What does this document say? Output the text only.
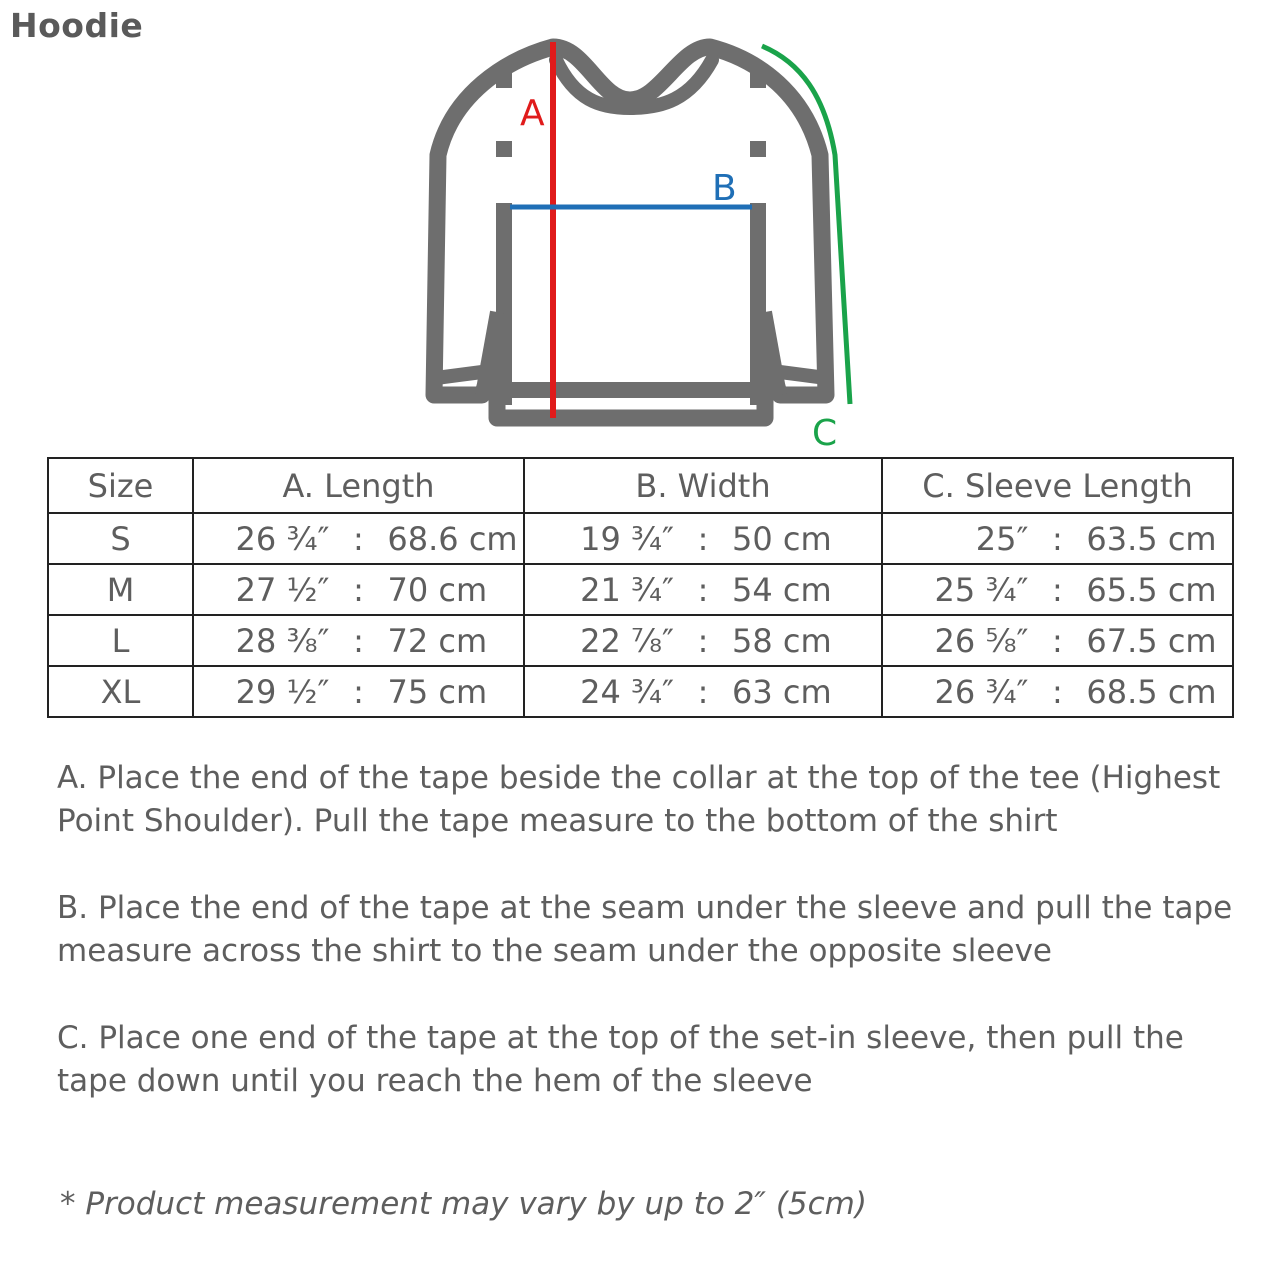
Hoodie
A
B
C
Size	A. Length	B. Width	C. Sleeve Length
S	26 ¾″ : 68.6 cm	19 ¾″ : 50 cm	25″ : 63.5 cm

M	27 ½″ : 70 cm	21 ¾″ : 54 cm	25 ¾″ : 65.5 cm

L	28 ⅜″ : 72 cm	22 ⅞″ : 58 cm	26 ⅝″ : 67.5 cm

XL	29 ½″ : 75 cm	24 ¾″ : 63 cm	26 ¾″ : 68.5 cm

A. Place the end of the tape beside the collar at the top of the tee (Highest Point Shoulder). Pull the tape measure to the bottom of the shirt

B. Place the end of the tape at the seam under the sleeve and pull the tape measure across the shirt to the seam under the opposite sleeve

C. Place one end of the tape at the top of the set-in sleeve, then pull the tape down until you reach the hem of the sleeve

* Product measurement may vary by up to 2″ (5cm)
